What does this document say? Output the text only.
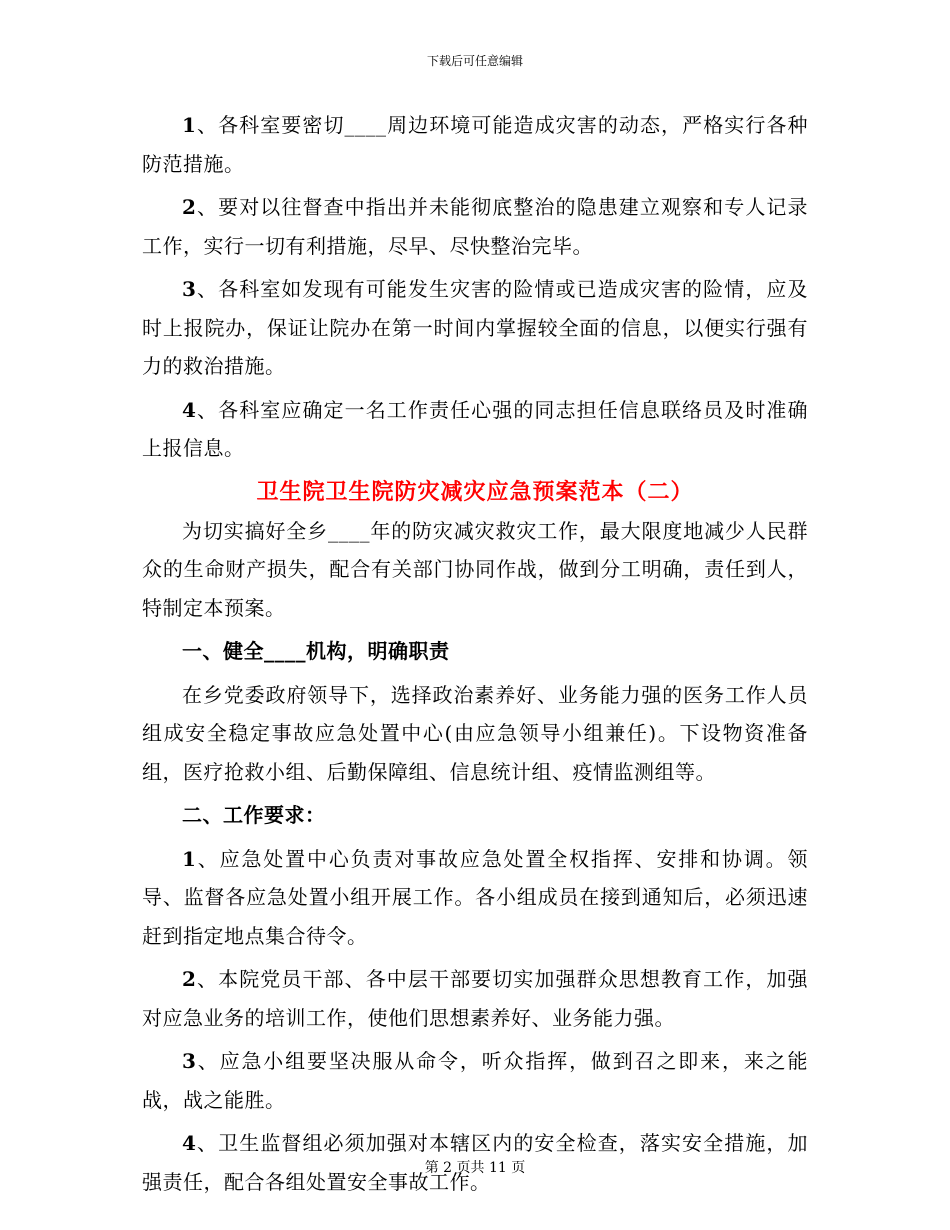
下载后可任意编辑

1、各科室要密切____周边环境可能造成灾害的动态，严格实行各种防范措施。

2、要对以往督查中指出并未能彻底整治的隐患建立观察和专人记录工作，实行一切有利措施，尽早、尽快整治完毕。

3、各科室如发现有可能发生灾害的险情或已造成灾害的险情，应及时上报院办，保证让院办在第一时间内掌握较全面的信息，以便实行强有力的救治措施。

4、各科室应确定一名工作责任心强的同志担任信息联络员及时准确上报信息。

卫生院卫生院防灾减灾应急预案范本（二）

为切实搞好全乡____年的防灾减灾救灾工作，最大限度地减少人民群众的生命财产损失，配合有关部门协同作战，做到分工明确，责任到人，特制定本预案。

一、健全____机构，明确职责

在乡党委政府领导下，选择政治素养好、业务能力强的医务工作人员组成安全稳定事故应急处置中心(由应急领导小组兼任)。下设物资准备组，医疗抢救小组、后勤保障组、信息统计组、疫情监测组等。

二、工作要求：

1、应急处置中心负责对事故应急处置全权指挥、安排和协调。领导、监督各应急处置小组开展工作。各小组成员在接到通知后，必须迅速赶到指定地点集合待令。

2、本院党员干部、各中层干部要切实加强群众思想教育工作，加强对应急业务的培训工作，使他们思想素养好、业务能力强。

3、应急小组要坚决服从命令，听众指挥，做到召之即来，来之能战，战之能胜。

4、卫生监督组必须加强对本辖区内的安全检查，落实安全措施，加强责任，配合各组处置安全事故工作。

第 2 页共 11 页
